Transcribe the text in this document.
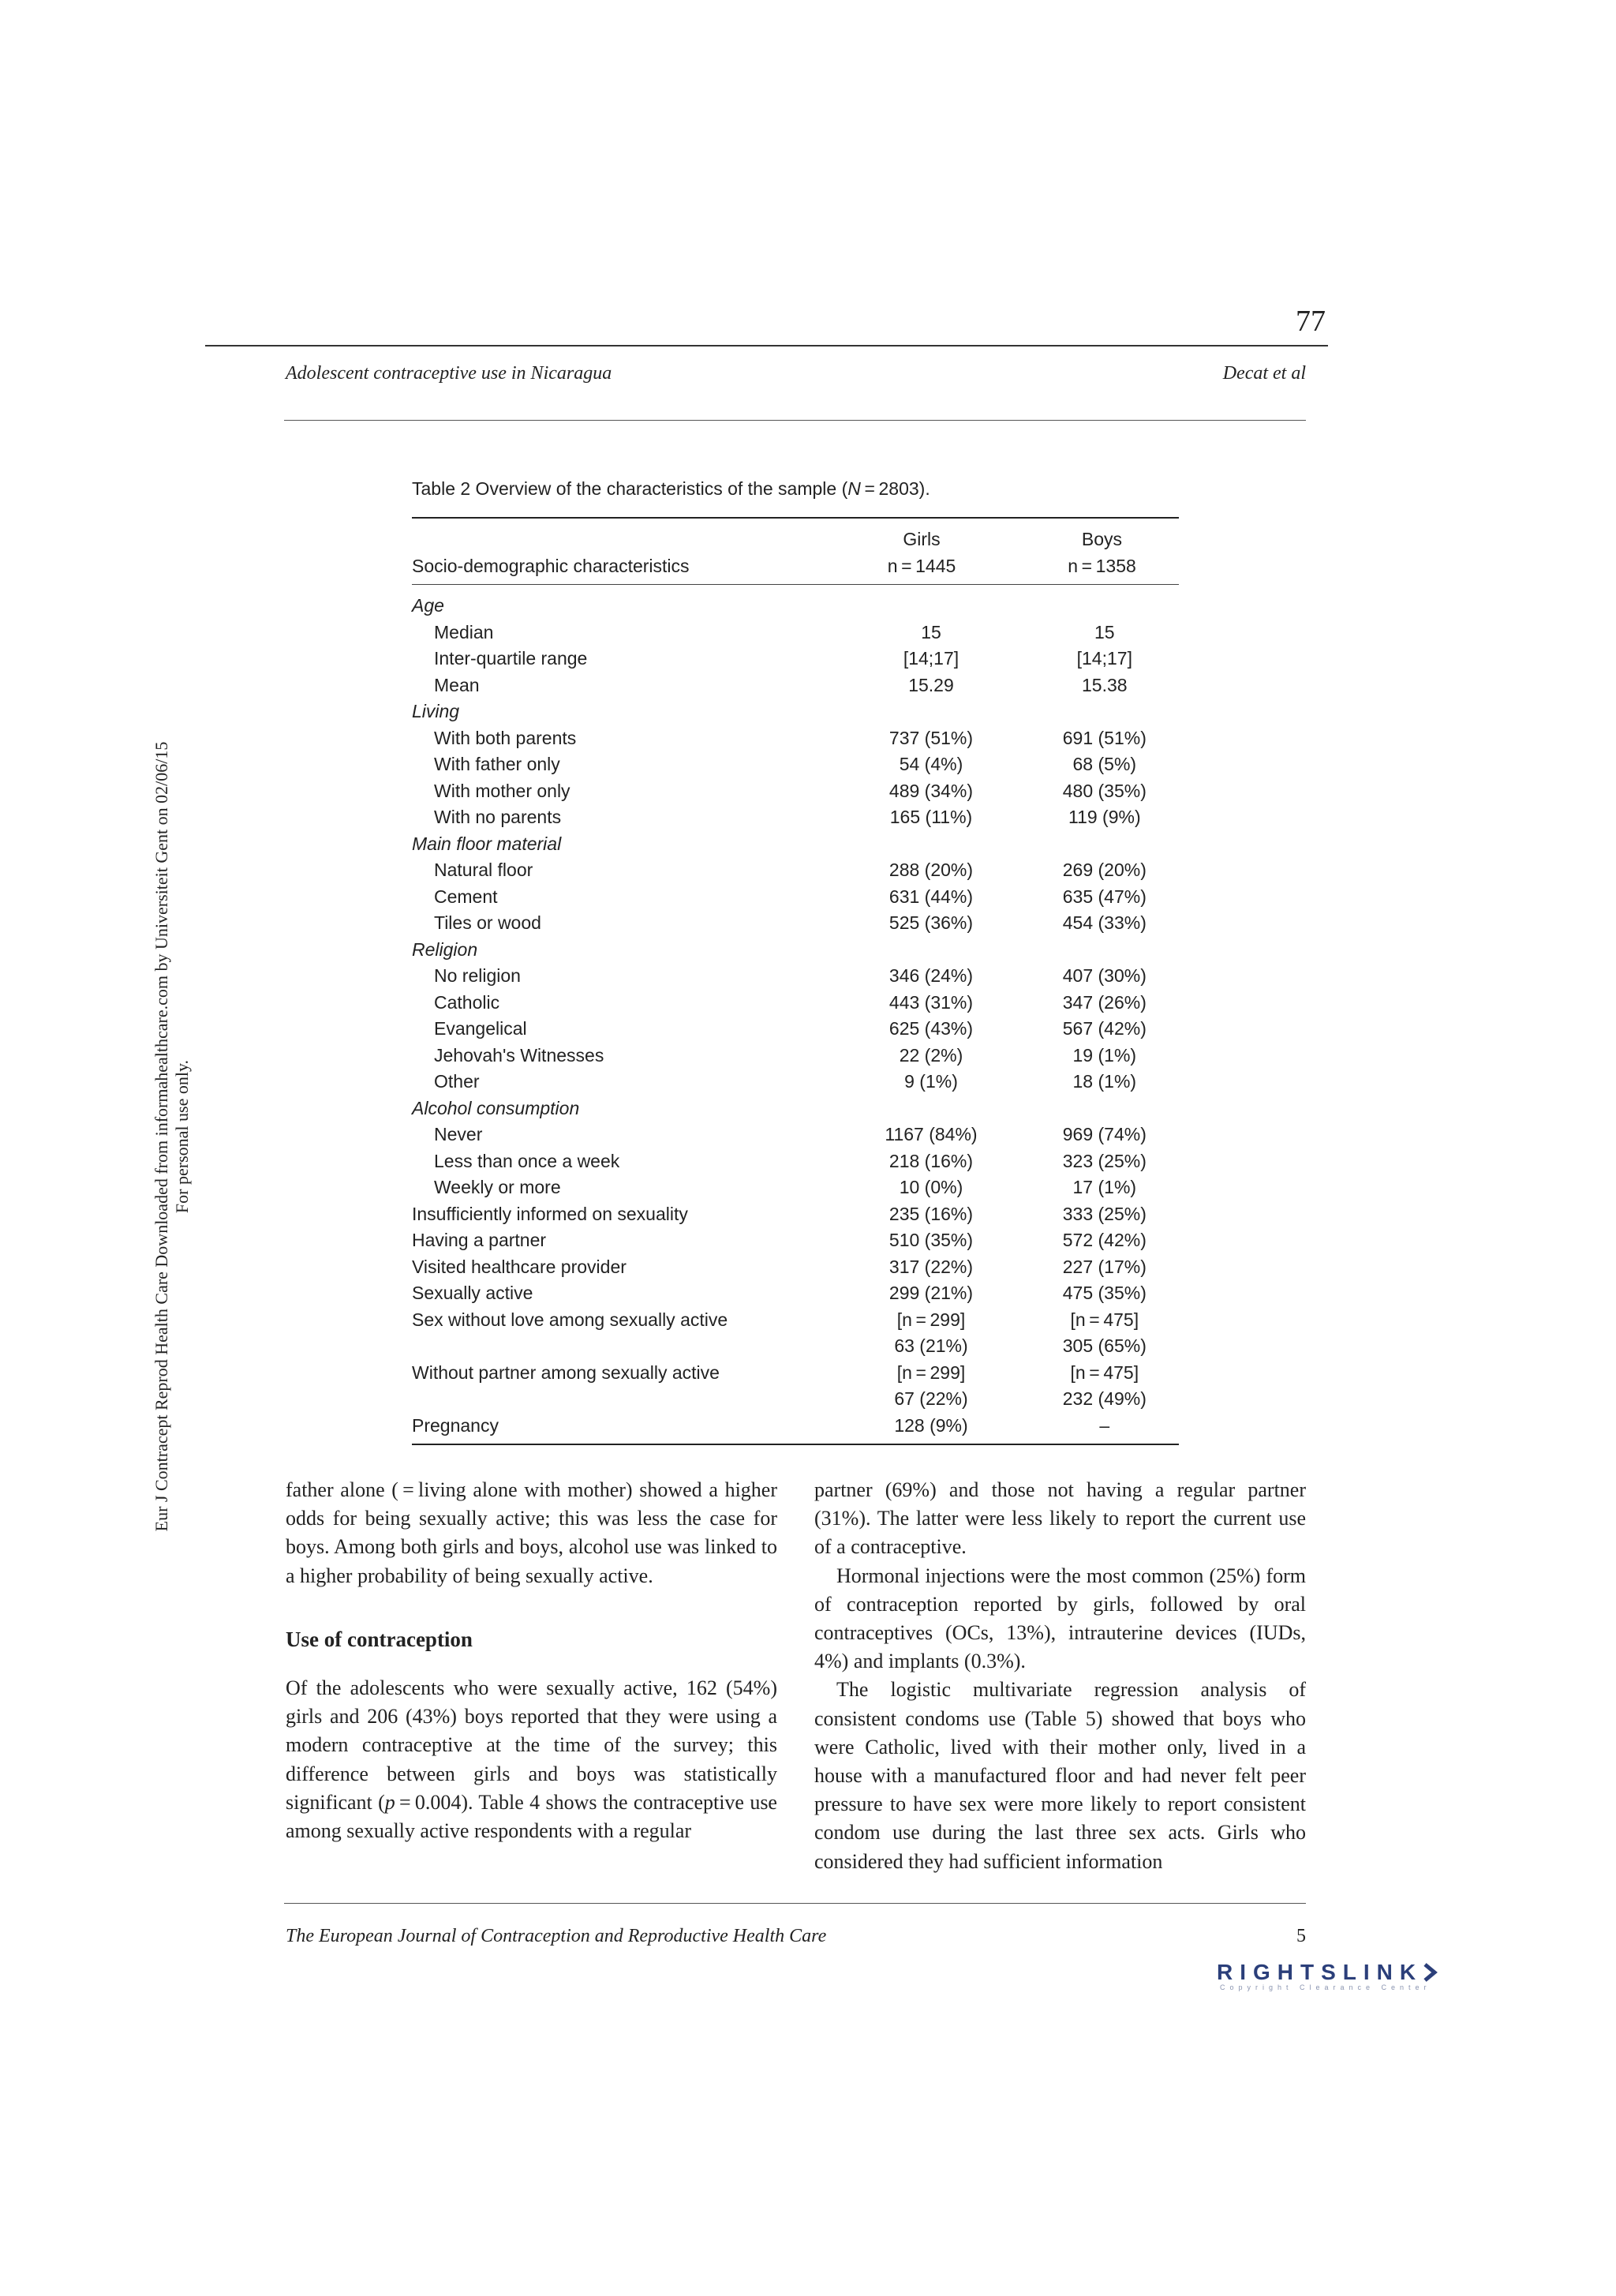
77
Adolescent contraceptive use in Nicaragua	Decat et al
Eur J Contracept Reprod Health Care Downloaded from informahealthcare.com by Universiteit Gent on 02/06/15 For personal use only.
Table 2 Overview of the characteristics of the sample (N = 2803).
	Girls	Boys
Socio-demographic characteristics	n = 1445	n = 1358
Age		
Median	15	15
Inter-quartile range	[14;17]	[14;17]
Mean	15.29	15.38
Living		
With both parents	737 (51%)	691 (51%)
With father only	54 (4%)	68 (5%)
With mother only	489 (34%)	480 (35%)
With no parents	165 (11%)	119 (9%)
Main floor material		
Natural floor	288 (20%)	269 (20%)
Cement	631 (44%)	635 (47%)
Tiles or wood	525 (36%)	454 (33%)
Religion		
No religion	346 (24%)	407 (30%)
Catholic	443 (31%)	347 (26%)
Evangelical	625 (43%)	567 (42%)
Jehovah's Witnesses	22 (2%)	19 (1%)
Other	9 (1%)	18 (1%)
Alcohol consumption		
Never	1167 (84%)	969 (74%)
Less than once a week	218 (16%)	323 (25%)
Weekly or more	10 (0%)	17 (1%)
Insufficiently informed on sexuality	235 (16%)	333 (25%)
Having a partner	510 (35%)	572 (42%)
Visited healthcare provider	317 (22%)	227 (17%)
Sexually active	299 (21%)	475 (35%)
Sex without love among sexually active	[n = 299]	[n = 475]
	63 (21%)	305 (65%)
Without partner among sexually active	[n = 299]	[n = 475]
	67 (22%)	232 (49%)
Pregnancy	128 (9%)	–

father alone ( = living alone with mother) showed a higher odds for being sexually active; this was less the case for boys. Among both girls and boys, alcohol use was linked to a higher probability of being sexually active.

Use of contraception

Of the adolescents who were sexually active, 162 (54%) girls and 206 (43%) boys reported that they were using a modern contraceptive at the time of the survey; this difference between girls and boys was statistically significant (p = 0.004). Table 4 shows the contraceptive use among sexually active respondents with a regular

partner (69%) and those not having a regular partner (31%). The latter were less likely to report the current use of a contraceptive.

Hormonal injections were the most common (25%) form of contraception reported by girls, followed by oral contraceptives (OCs, 13%), intrauterine devices (IUDs, 4%) and implants (0.3%).

The logistic multivariate regression analysis of consistent condoms use (Table 5) showed that boys who were Catholic, lived with their mother only, lived in a house with a manufactured floor and had never felt peer pressure to have sex were more likely to report consistent condom use during the last three sex acts. Girls who considered they had sufficient information

The European Journal of Contraception and Reproductive Health Care	5
RIGHTSLINK
Copyright Clearance Center
